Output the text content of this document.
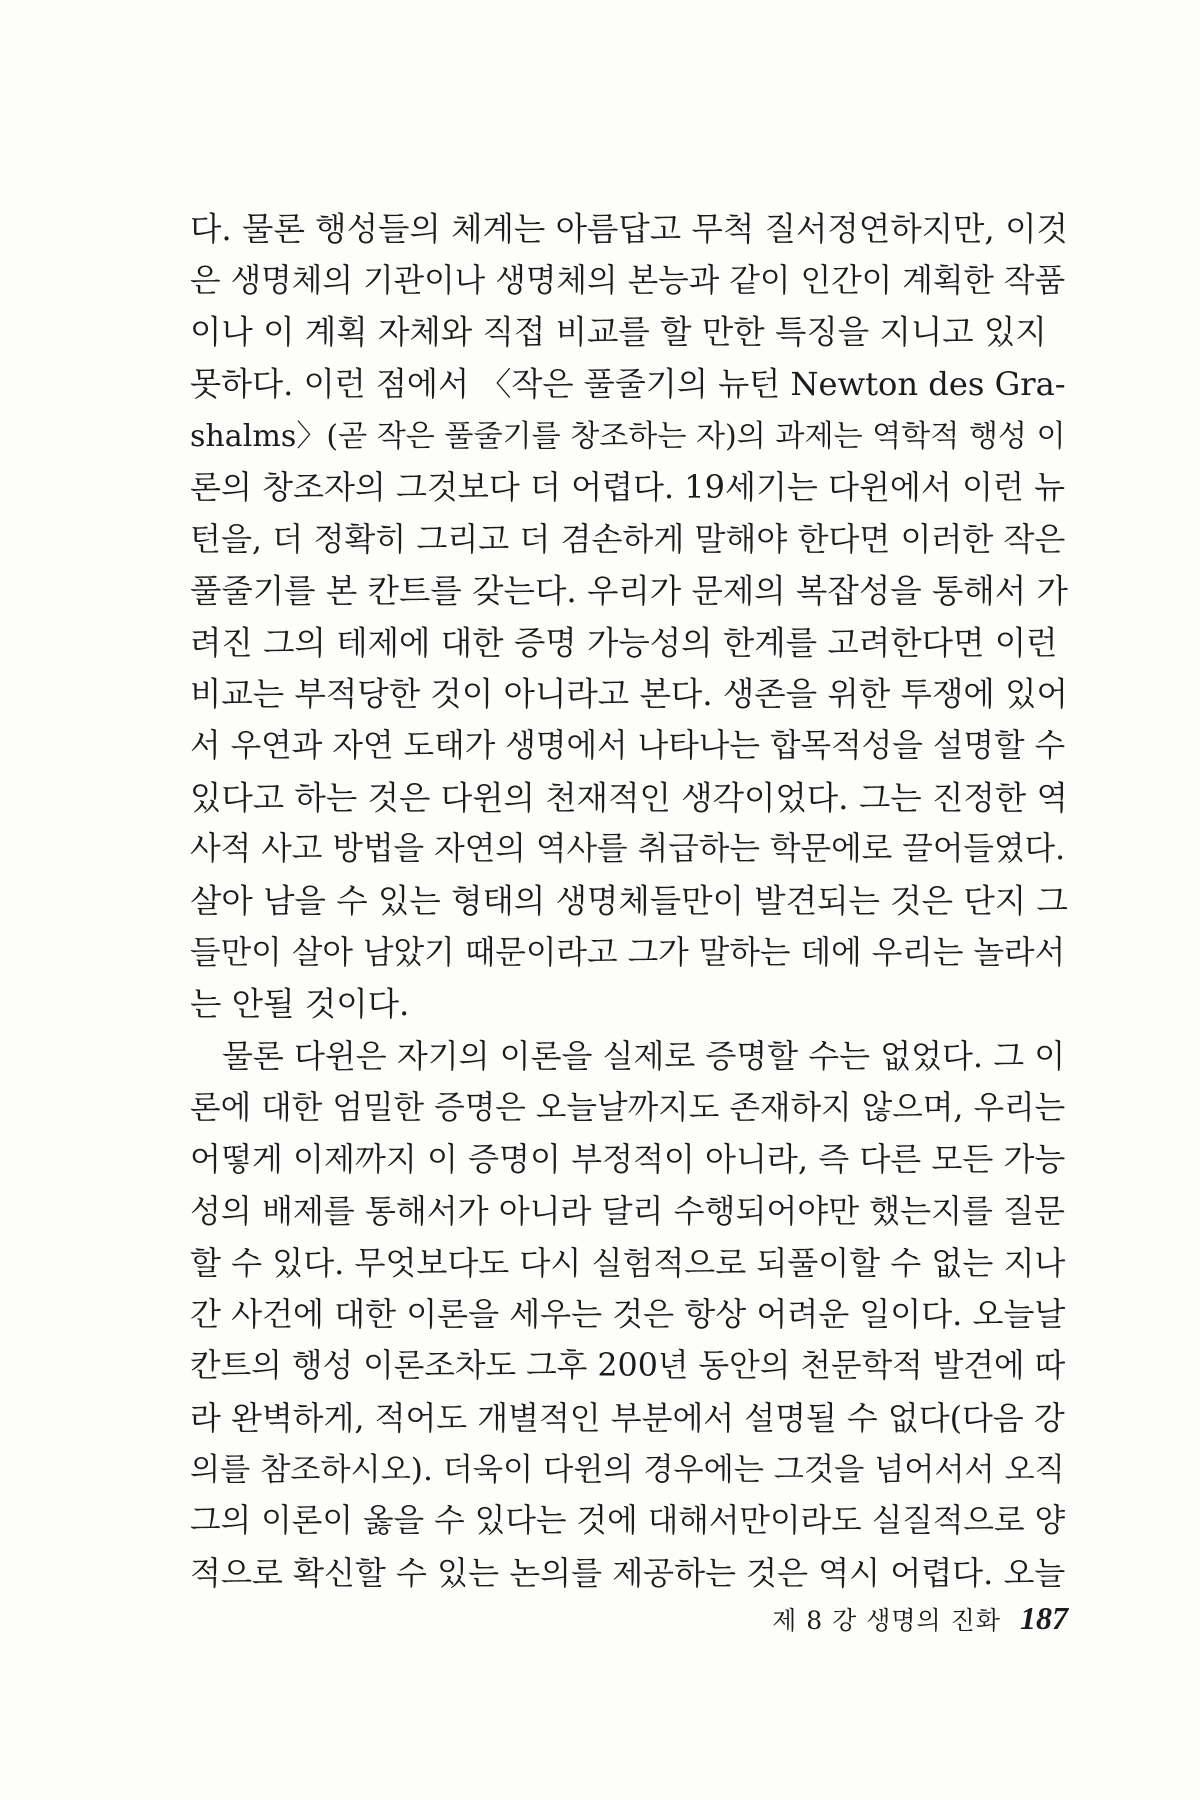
다. 물론 행성들의 체계는 아름답고 무척 질서정연하지만, 이것
은 생명체의 기관이나 생명체의 본능과 같이 인간이 계획한 작품
이나 이 계획 자체와 직접 비교를 할 만한 특징을 지니고 있지
못하다. 이런 점에서 〈작은 풀줄기의 뉴턴 Newton des Gra-
shalms〉(곧 작은 풀줄기를 창조하는 자)의 과제는 역학적 행성 이
론의 창조자의 그것보다 더 어렵다. 19세기는 다윈에서 이런 뉴
턴을, 더 정확히 그리고 더 겸손하게 말해야 한다면 이러한 작은
풀줄기를 본 칸트를 갖는다. 우리가 문제의 복잡성을 통해서 가
려진 그의 테제에 대한 증명 가능성의 한계를 고려한다면 이런
비교는 부적당한 것이 아니라고 본다. 생존을 위한 투쟁에 있어
서 우연과 자연 도태가 생명에서 나타나는 합목적성을 설명할 수
있다고 하는 것은 다윈의 천재적인 생각이었다. 그는 진정한 역
사적 사고 방법을 자연의 역사를 취급하는 학문에로 끌어들였다.
살아 남을 수 있는 형태의 생명체들만이 발견되는 것은 단지 그
들만이 살아 남았기 때문이라고 그가 말하는 데에 우리는 놀라서
는 안될 것이다.
물론 다윈은 자기의 이론을 실제로 증명할 수는 없었다. 그 이
론에 대한 엄밀한 증명은 오늘날까지도 존재하지 않으며, 우리는
어떻게 이제까지 이 증명이 부정적이 아니라, 즉 다른 모든 가능
성의 배제를 통해서가 아니라 달리 수행되어야만 했는지를 질문
할 수 있다. 무엇보다도 다시 실험적으로 되풀이할 수 없는 지나
간 사건에 대한 이론을 세우는 것은 항상 어려운 일이다. 오늘날
칸트의 행성 이론조차도 그후 200년 동안의 천문학적 발견에 따
라 완벽하게, 적어도 개별적인 부분에서 설명될 수 없다(다음 강
의를 참조하시오). 더욱이 다윈의 경우에는 그것을 넘어서서 오직
그의 이론이 옳을 수 있다는 것에 대해서만이라도 실질적으로 양
적으로 확신할 수 있는 논의를 제공하는 것은 역시 어렵다. 오늘
제 8 강 생명의 진화 187
